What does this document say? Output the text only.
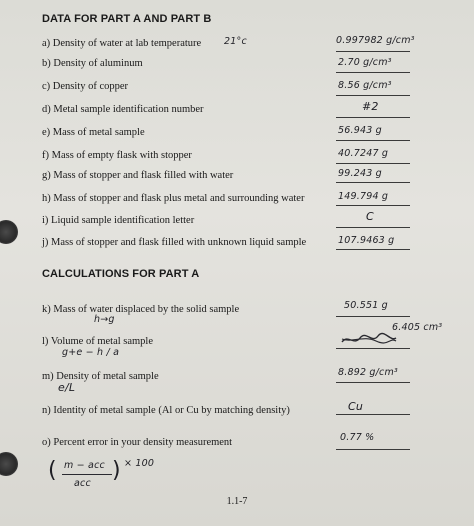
DATA FOR PART A AND PART B
a) Density of water at lab temperature 21°c	0.997982 g/cm³
b) Density of aluminum	2.70 g/cm³
c) Density of copper	8.56 g/cm³
d) Metal sample identification number	#2
e) Mass of metal sample	56.943 g
f) Mass of empty flask with stopper	40.7247 g
g) Mass of stopper and flask filled with water	99.243 g
h) Mass of stopper and flask plus metal and surrounding water	149.794 g
i) Liquid sample identification letter	C
j) Mass of stopper and flask filled with unknown liquid sample	107.9463 g
CALCULATIONS FOR PART A
k) Mass of water displaced by the solid sample
h→g
50.551 g
l) Volume of metal sample
g+e − h / a
6.405 cm³
m) Density of metal sample
e/L
8.892 g/cm³
n) Identity of metal sample (Al or Cu by matching density)	Cu
o) Percent error in your density measurement	0.77 %
( m − acc
acc
) × 100
1.1-7
